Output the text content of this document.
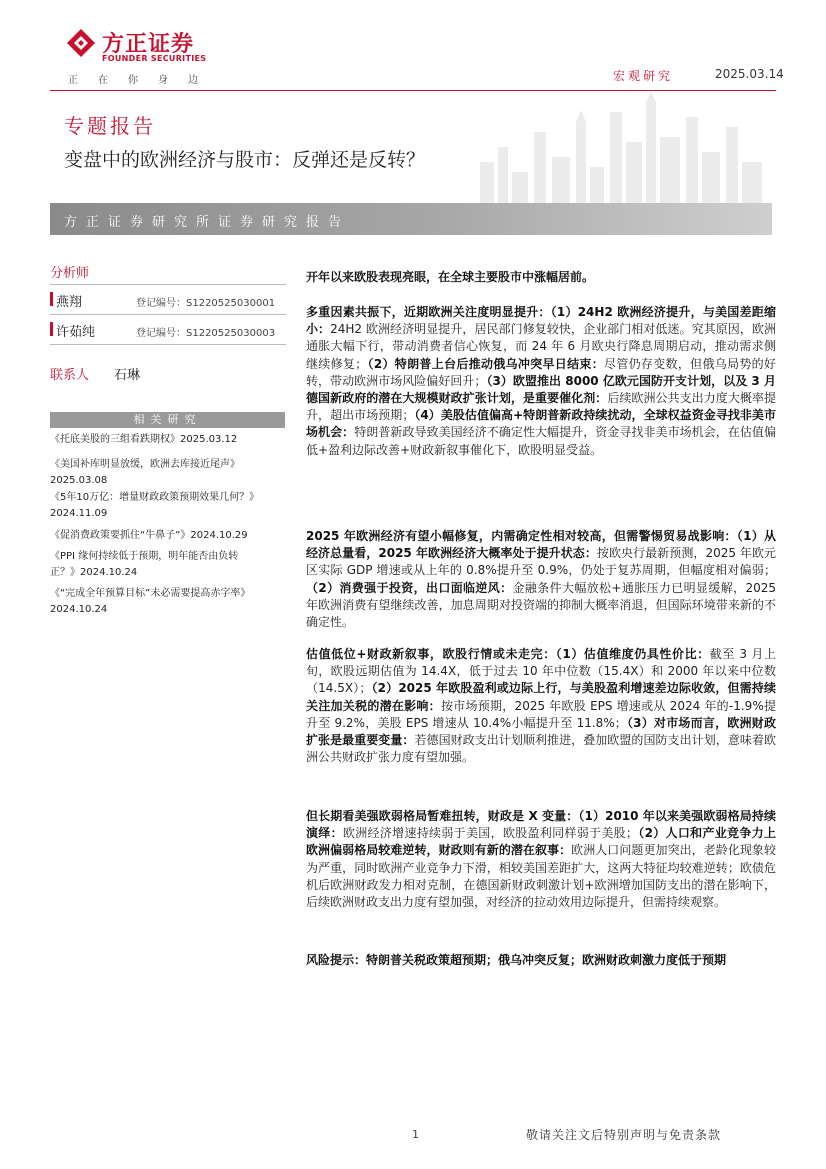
方正证券
FOUNDER SECURITIES
正在你身边	宏观研究	2025.03.14
专题报告
变盘中的欧洲经济与股市：反弹还是反转？
方正证券研究所证券研究报告
分析师
燕翔	登记编号：S1220525030001
许茹纯	登记编号：S1220525030003
联系人 石琳
相关研究
《托底美股的三组看跌期权》2025.03.12
《美国补库明显放缓，欧洲去库接近尾声》
2025.03.08
《5年10万亿：增量财政政策预期效果几何？》
2024.11.09
《促消费政策要抓住“牛鼻子”》2024.10.29
《PPI 缘何持续低于预期，明年能否由负转
正？》2024.10.24
《“完成全年预算目标”未必需要提高赤字率》
2024.10.24
开年以来欧股表现亮眼，在全球主要股市中涨幅居前。
多重因素共振下，近期欧洲关注度明显提升：（1）24H2 欧洲经济提升，与美国差距缩小：24H2 欧洲经济明显提升，居民部门修复较快，企业部门相对低迷。究其原因，欧洲通胀大幅下行，带动消费者信心恢复，而 24 年 6 月欧央行降息周期启动，推动需求侧继续修复；（2）特朗普上台后推动俄乌冲突早日结束：尽管仍存变数，但俄乌局势的好转，带动欧洲市场风险偏好回升；（3）欧盟推出 8000 亿欧元国防开支计划，以及 3 月德国新政府的潜在大规模财政扩张计划，是重要催化剂：后续欧洲公共支出力度大概率提升，超出市场预期；（4）美股估值偏高+特朗普新政持续扰动，全球权益资金寻找非美市场机会：特朗普新政导致美国经济不确定性大幅提升，资金寻找非美市场机会，在估值偏低+盈利边际改善+财政新叙事催化下，欧股明显受益。
2025 年欧洲经济有望小幅修复，内需确定性相对较高，但需警惕贸易战影响：（1）从经济总量看，2025 年欧洲经济大概率处于提升状态：按欧央行最新预测，2025 年欧元区实际 GDP 增速或从上年的 0.8%提升至 0.9%，仍处于复苏周期，但幅度相对偏弱；（2）消费强于投资，出口面临逆风：金融条件大幅放松+通胀压力已明显缓解，2025 年欧洲消费有望继续改善，加息周期对投资端的抑制大概率消退，但国际环境带来新的不确定性。
估值低位+财政新叙事，欧股行情或未走完：（1）估值维度仍具性价比：截至 3 月上旬，欧股远期估值为 14.4X，低于过去 10 年中位数（15.4X）和 2000 年以来中位数（14.5X）；（2）2025 年欧股盈利或边际上行，与美股盈利增速差边际收敛，但需持续关注加关税的潜在影响：按市场预期，2025 年欧股 EPS 增速或从 2024 年的-1.9%提升至 9.2%，美股 EPS 增速从 10.4%小幅提升至 11.8%；（3）对市场而言，欧洲财政扩张是最重要变量：若德国财政支出计划顺利推进，叠加欧盟的国防支出计划，意味着欧洲公共财政扩张力度有望加强。
但长期看美强欧弱格局暂难扭转，财政是 X 变量：（1）2010 年以来美强欧弱格局持续演绎：欧洲经济增速持续弱于美国，欧股盈利同样弱于美股；（2）人口和产业竞争力上欧洲偏弱格局较难逆转，财政则有新的潜在叙事：欧洲人口问题更加突出，老龄化现象较为严重，同时欧洲产业竞争力下滑，相较美国差距扩大，这两大特征均较难逆转；欧债危机后欧洲财政发力相对克制，在德国新财政刺激计划+欧洲增加国防支出的潜在影响下，后续欧洲财政支出力度有望加强，对经济的拉动效用边际提升，但需持续观察。
风险提示：特朗普关税政策超预期；俄乌冲突反复；欧洲财政刺激力度低于预期
1	敬请关注文后特别声明与免责条款
